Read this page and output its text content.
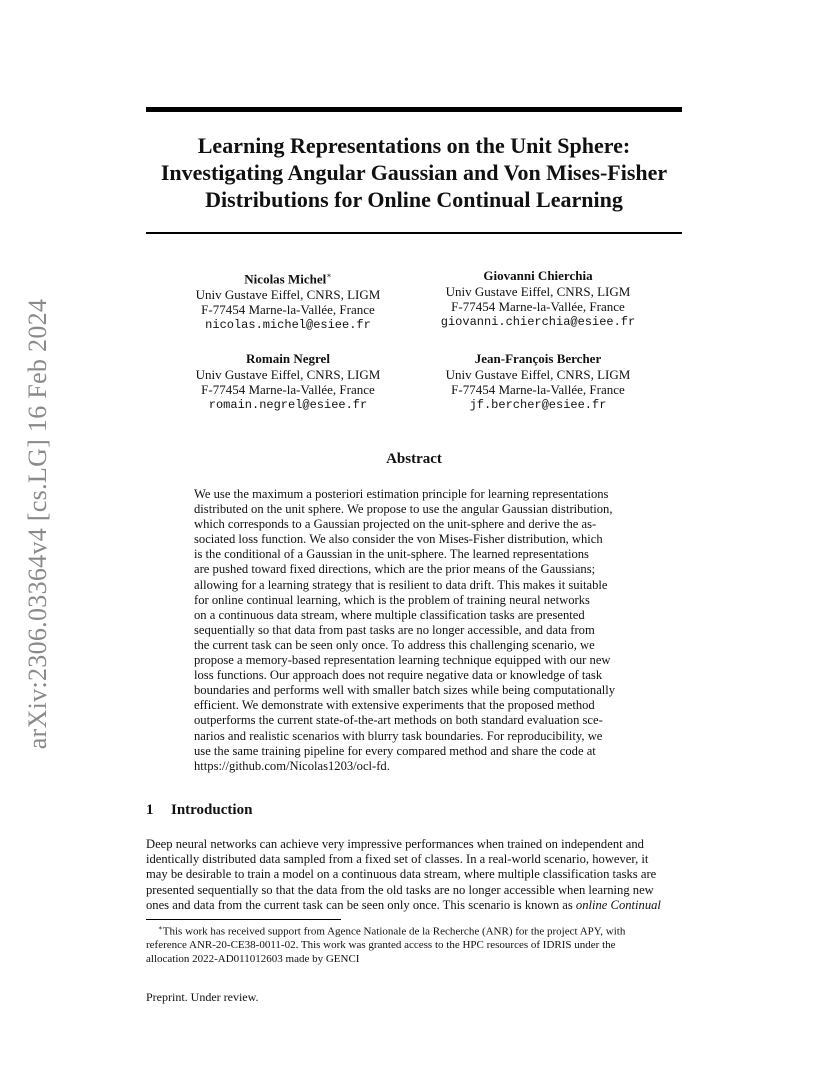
arXiv:2306.03364v4 [cs.LG] 16 Feb 2024
Learning Representations on the Unit Sphere:
Investigating Angular Gaussian and Von Mises-Fisher
Distributions for Online Continual Learning
Nicolas Michel∗
Univ Gustave Eiffel, CNRS, LIGM
F-77454 Marne-la-Vallée, France
nicolas.michel@esiee.fr
Giovanni Chierchia
Univ Gustave Eiffel, CNRS, LIGM
F-77454 Marne-la-Vallée, France
giovanni.chierchia@esiee.fr
Romain Negrel
Univ Gustave Eiffel, CNRS, LIGM
F-77454 Marne-la-Vallée, France
romain.negrel@esiee.fr
Jean-François Bercher
Univ Gustave Eiffel, CNRS, LIGM
F-77454 Marne-la-Vallée, France
jf.bercher@esiee.fr
Abstract
We use the maximum a posteriori estimation principle for learning representations
distributed on the unit sphere. We propose to use the angular Gaussian distribution,
which corresponds to a Gaussian projected on the unit-sphere and derive the as-
sociated loss function. We also consider the von Mises-Fisher distribution, which
is the conditional of a Gaussian in the unit-sphere. The learned representations
are pushed toward fixed directions, which are the prior means of the Gaussians;
allowing for a learning strategy that is resilient to data drift. This makes it suitable
for online continual learning, which is the problem of training neural networks
on a continuous data stream, where multiple classification tasks are presented
sequentially so that data from past tasks are no longer accessible, and data from
the current task can be seen only once. To address this challenging scenario, we
propose a memory-based representation learning technique equipped with our new
loss functions. Our approach does not require negative data or knowledge of task
boundaries and performs well with smaller batch sizes while being computationally
efficient. We demonstrate with extensive experiments that the proposed method
outperforms the current state-of-the-art methods on both standard evaluation sce-
narios and realistic scenarios with blurry task boundaries. For reproducibility, we
use the same training pipeline for every compared method and share the code at
https://github.com/Nicolas1203/ocl-fd.
1 Introduction
Deep neural networks can achieve very impressive performances when trained on independent and
identically distributed data sampled from a fixed set of classes. In a real-world scenario, however, it
may be desirable to train a model on a continuous data stream, where multiple classification tasks are
presented sequentially so that the data from the old tasks are no longer accessible when learning new
ones and data from the current task can be seen only once. This scenario is known as online Continual
∗This work has received support from Agence Nationale de la Recherche (ANR) for the project APY, with
reference ANR-20-CE38-0011-02. This work was granted access to the HPC resources of IDRIS under the
allocation 2022-AD011012603 made by GENCI
Preprint. Under review.
